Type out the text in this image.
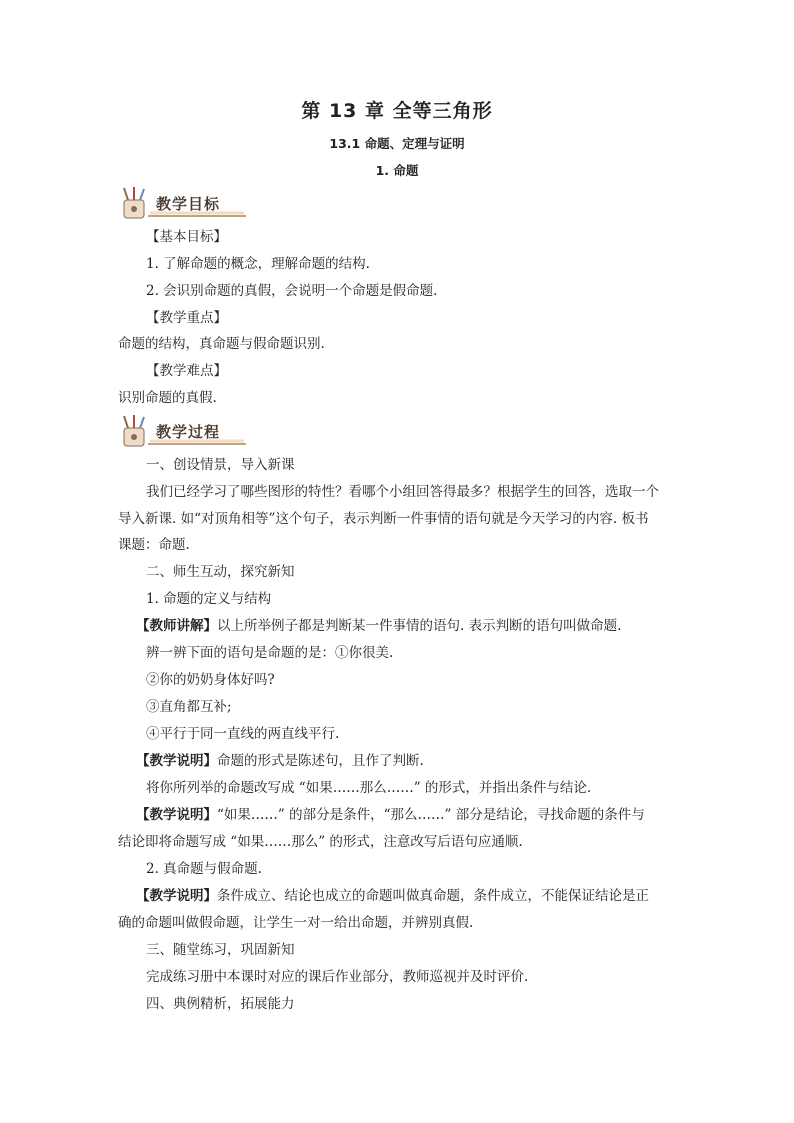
第 13 章 全等三角形
13.1 命题、定理与证明
1. 命题
教学目标
【基本目标】
1. 了解命题的概念，理解命题的结构.
2. 会识别命题的真假，会说明一个命题是假命题.
【教学重点】
命题的结构，真命题与假命题识别.
【教学难点】
识别命题的真假.
教学过程
一、创设情景，导入新课
我们已经学习了哪些图形的特性？看哪个小组回答得最多？根据学生的回答，选取一个
导入新课. 如“对顶角相等”这个句子，表示判断一件事情的语句就是今天学习的内容. 板书
课题：命题.
二、师生互动，探究新知
1. 命题的定义与结构
【教师讲解】以上所举例子都是判断某一件事情的语句. 表示判断的语句叫做命题.
辨一辨下面的语句是命题的是：①你很美.
②你的奶奶身体好吗?
③直角都互补;
④平行于同一直线的两直线平行.
【教学说明】命题的形式是陈述句，且作了判断.
将你所列举的命题改写成 “如果……那么……” 的形式，并指出条件与结论.
【教学说明】“如果……” 的部分是条件，“那么……” 部分是结论，寻找命题的条件与
结论即将命题写成 “如果……那么” 的形式，注意改写后语句应通顺.
2. 真命题与假命题.
【教学说明】条件成立、结论也成立的命题叫做真命题，条件成立，不能保证结论是正
确的命题叫做假命题，让学生一对一给出命题，并辨别真假.
三、随堂练习，巩固新知
完成练习册中本课时对应的课后作业部分，教师巡视并及时评价.
四、典例精析，拓展能力
